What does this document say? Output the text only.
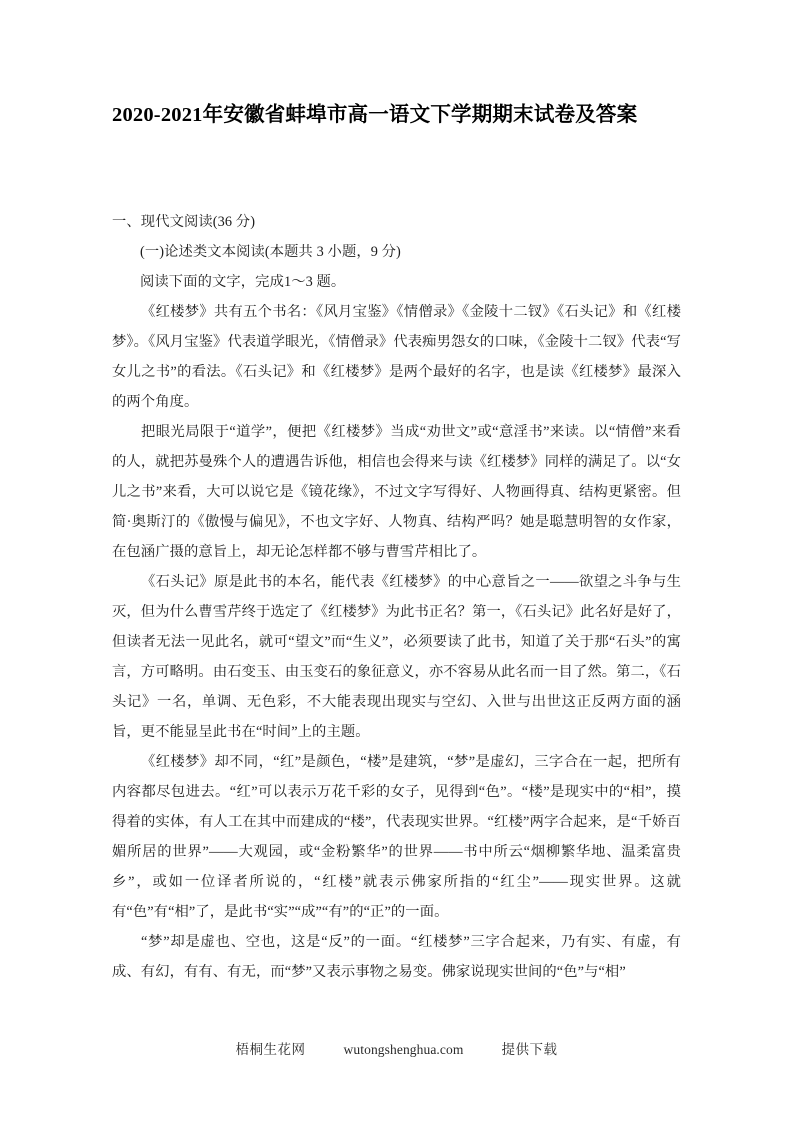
2020-2021年安徽省蚌埠市高一语文下学期期末试卷及答案

一、现代文阅读(36 分)

(一)论述类文本阅读(本题共 3 小题，9 分)

阅读下面的文字，完成1～3 题。

《红楼梦》共有五个书名：《风月宝鉴》《情僧录》《金陵十二钗》《石头记》和《红楼梦》。《风月宝鉴》代表道学眼光，《情僧录》代表痴男怨女的口味，《金陵十二钗》代表“写女儿之书”的看法。《石头记》和《红楼梦》是两个最好的名字，也是读《红楼梦》最深入的两个角度。

把眼光局限于“道学”，便把《红楼梦》当成“劝世文”或“意淫书”来读。以“情僧”来看的人，就把苏曼殊个人的遭遇告诉他，相信也会得来与读《红楼梦》同样的满足了。以“女儿之书”来看，大可以说它是《镜花缘》，不过文字写得好、人物画得真、结构更紧密。但简·奥斯汀的《傲慢与偏见》，不也文字好、人物真、结构严吗？她是聪慧明智的女作家，在包涵广摄的意旨上，却无论怎样都不够与曹雪芹相比了。

《石头记》原是此书的本名，能代表《红楼梦》的中心意旨之一——欲望之斗争与生灭，但为什么曹雪芹终于选定了《红楼梦》为此书正名？第一，《石头记》此名好是好了，但读者无法一见此名，就可“望文”而“生义”，必须要读了此书，知道了关于那“石头”的寓言，方可略明。由石变玉、由玉变石的象征意义，亦不容易从此名而一目了然。第二，《石头记》一名，单调、无色彩，不大能表现出现实与空幻、入世与出世这正反两方面的涵旨，更不能显呈此书在“时间”上的主题。

《红楼梦》却不同，“红”是颜色，“楼”是建筑，“梦”是虚幻，三字合在一起，把所有内容都尽包进去。“红”可以表示万花千彩的女子，见得到“色”。“楼”是现实中的“相”，摸得着的实体，有人工在其中而建成的“楼”，代表现实世界。“红楼”两字合起来，是“千娇百媚所居的世界”——大观园，或“金粉繁华”的世界——书中所云“烟柳繁华地、温柔富贵乡”，或如一位译者所说的，“红楼”就表示佛家所指的“红尘”——现实世界。这就有“色”有“相”了，是此书“实”“成”“有”的“正”的一面。

“梦”却是虚也、空也，这是“反”的一面。“红楼梦”三字合起来，乃有实、有虚，有成、有幻，有有、有无，而“梦”又表示事物之易变。佛家说现实世间的“色”与“相”

梧桐生花网	wutongshenghua.com	提供下载
